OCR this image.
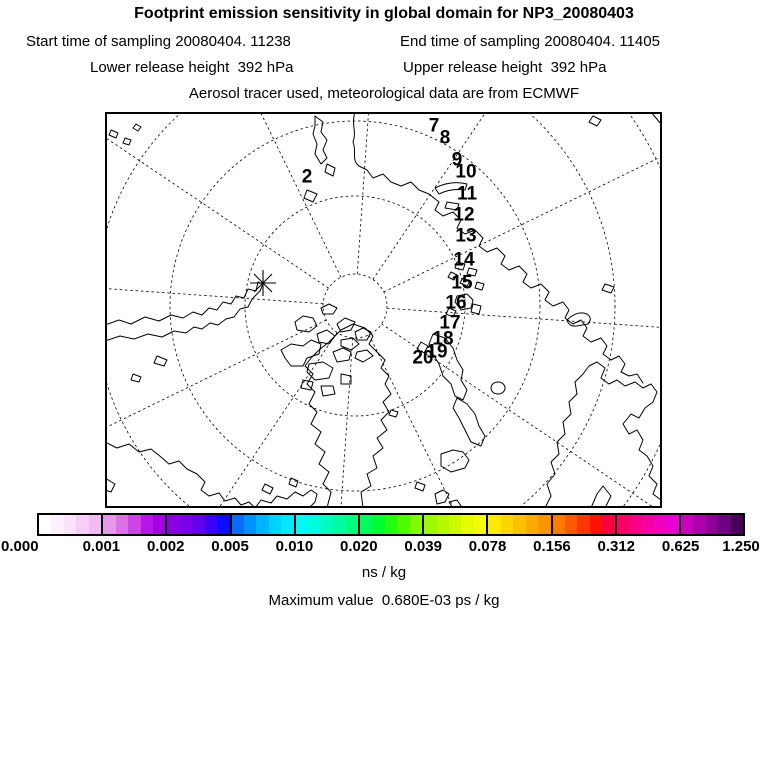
Footprint emission sensitivity in global domain for NP3_20080403
Start time of sampling 20080404. 11238	End time of sampling 20080404. 11405
Lower release height  392 hPa	Upper release height  392 hPa
Aerosol tracer used, meteorological data are from ECMWF
2
7
8
9
10
11
12
13
14
15
16
17
18
19
20
0.000	0.001 0.002 0.005 0.010 0.020 0.039 0.078 0.156 0.312 0.625 1.250
ns / kg
Maximum value  0.680E-03 ps / kg
